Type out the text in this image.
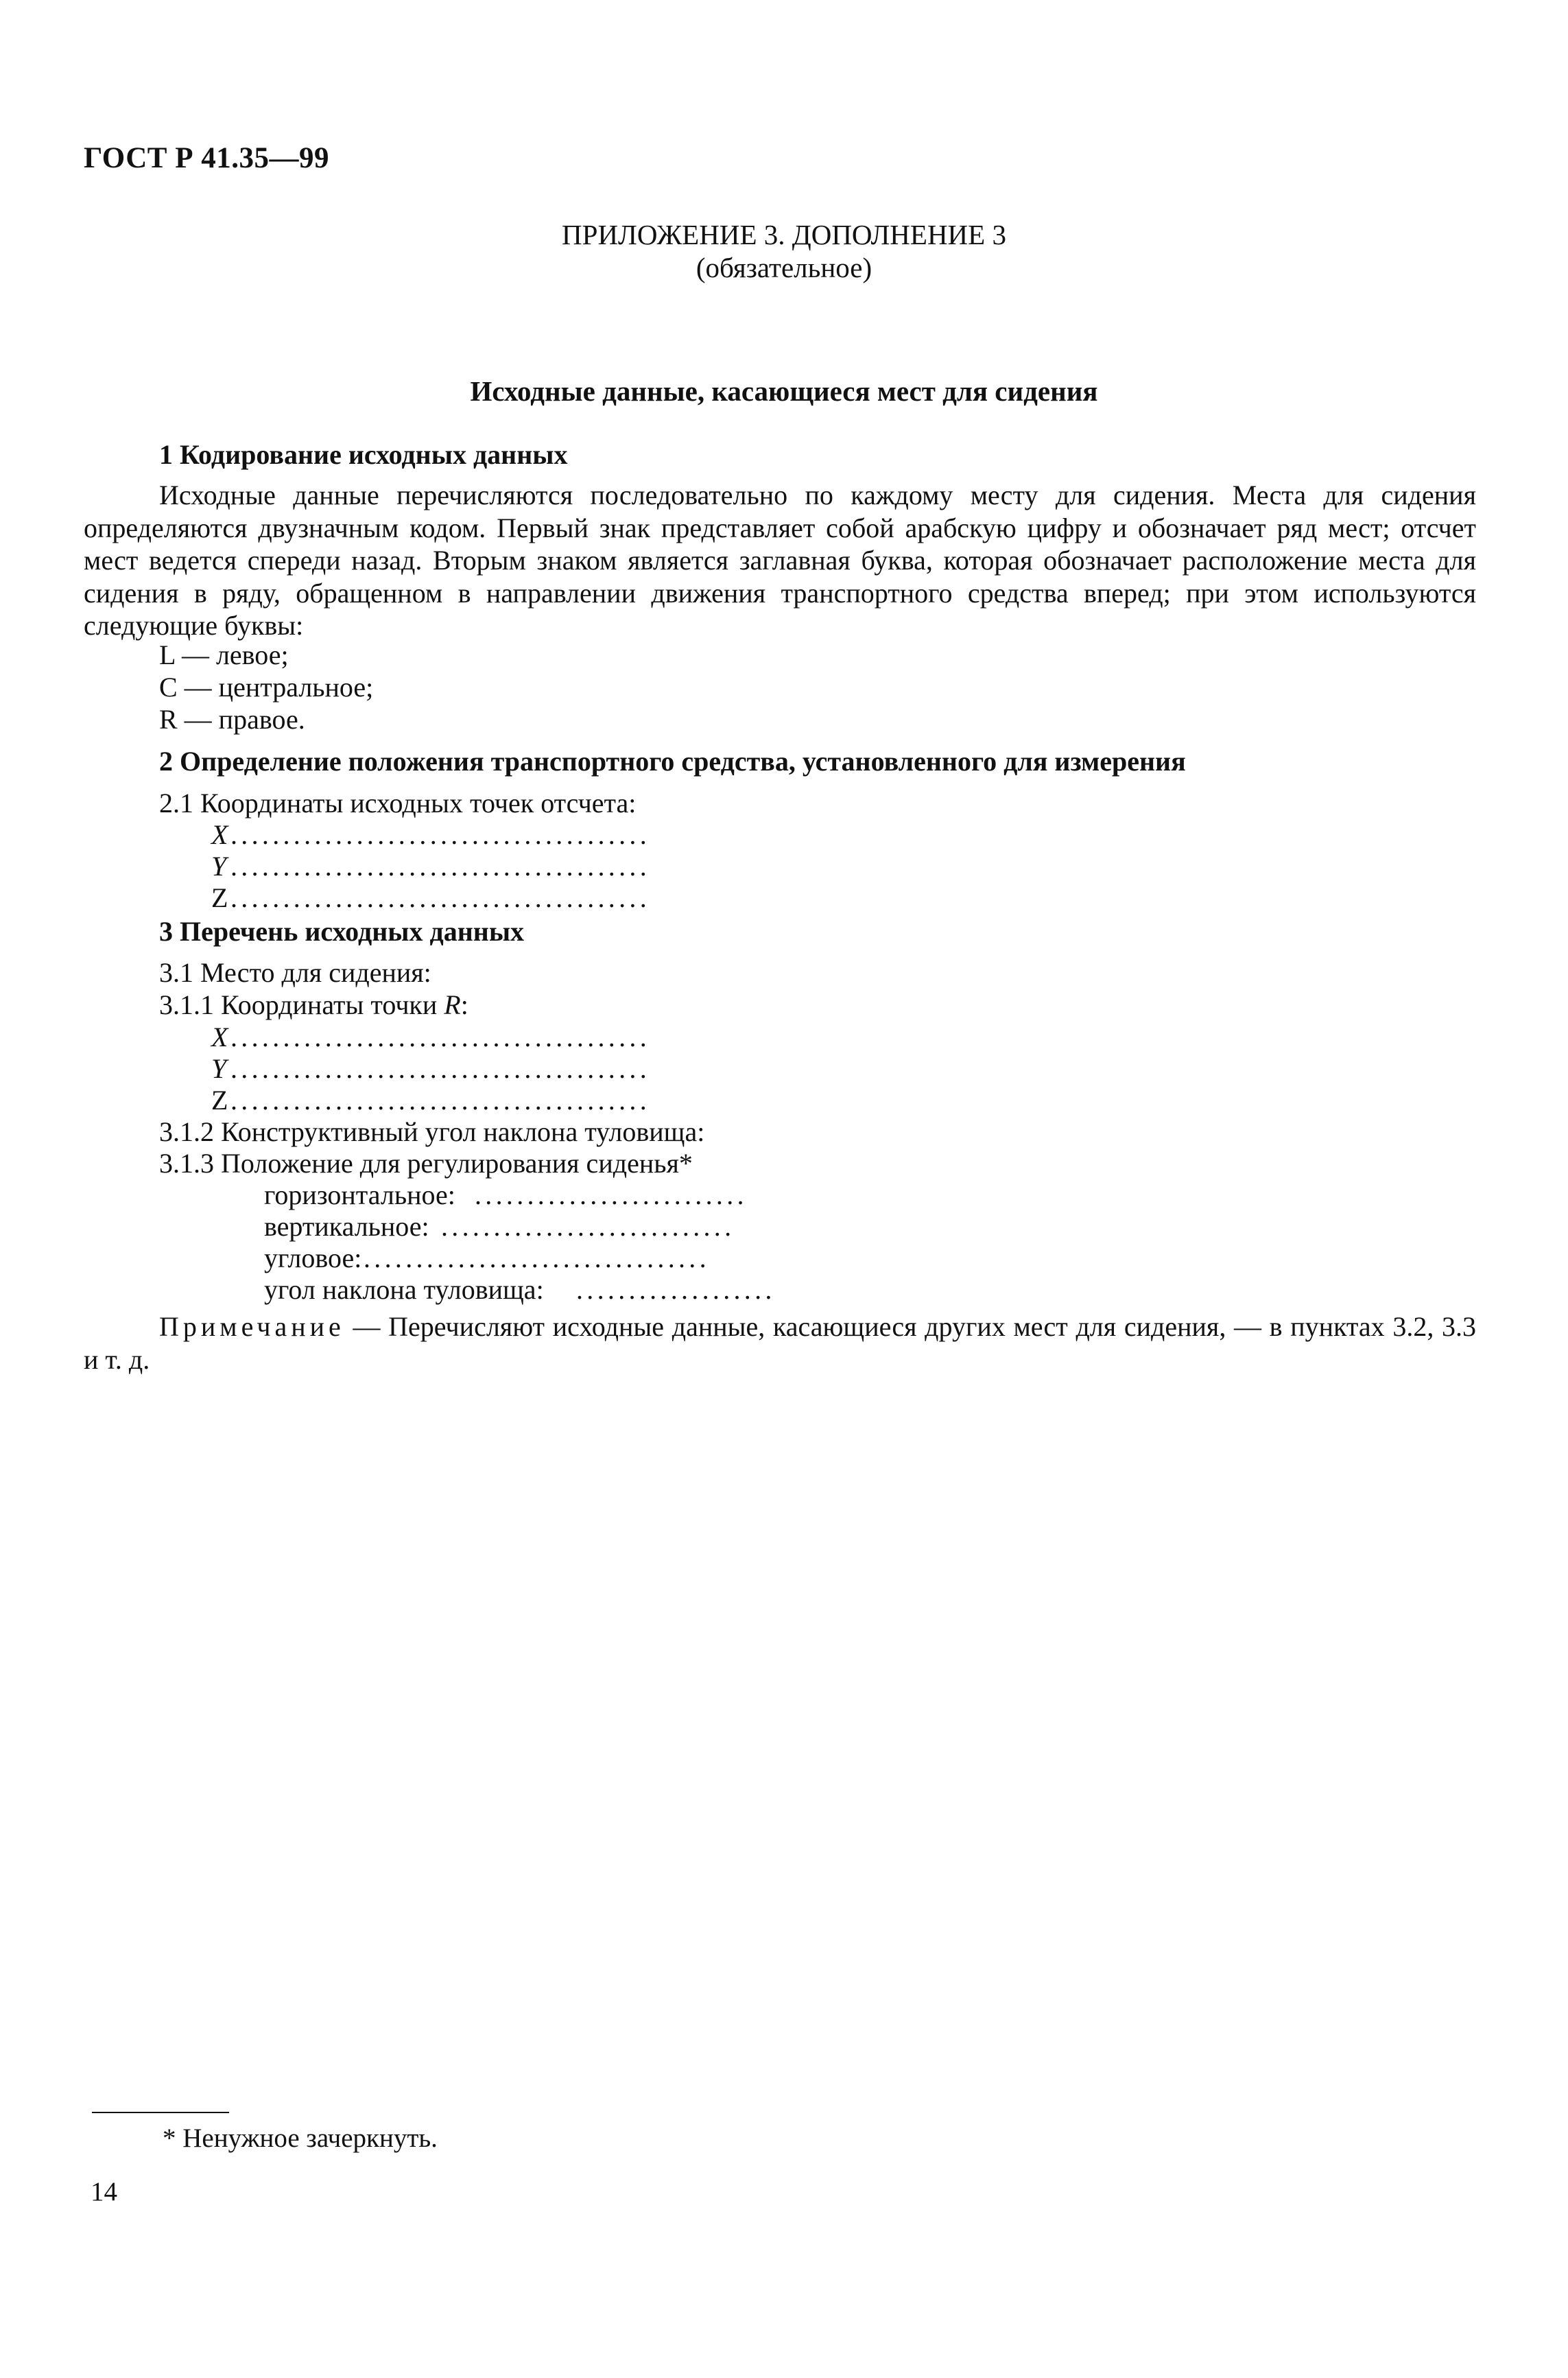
ГОСТ Р 41.35—99
ПРИЛОЖЕНИЕ 3. ДОПОЛНЕНИЕ 3
(обязательное)
Исходные данные, касающиеся мест для сидения
1 Кодирование исходных данных
Исходные данные перечисляются последовательно по каждому месту для сидения. Места для сидения определяются двузначным кодом. Первый знак представляет собой арабскую цифру и обозначает ряд мест; отсчет мест ведется спереди назад. Вторым знаком является заглавная буква, которая обозначает расположение места для сидения в ряду, обращенном в направлении движения транспортного средства вперед; при этом используются следующие буквы:
L — левое;
C — центральное;
R — правое.
2 Определение положения транспортного средства, установленного для измерения
2.1 Координаты исходных точек отсчета:
X ........................................
Y ........................................
Z ........................................
3 Перечень исходных данных
3.1 Место для сидения:
3.1.1 Координаты точки R:
X ........................................
Y ........................................
Z ........................................
3.1.2 Конструктивный угол наклона туловища:
3.1.3 Положение для регулирования сиденья*
горизонтальное: ..........................
вертикальное: ............................
угловое: .................................
угол наклона туловища: ...................
Примечание — Перечисляют исходные данные, касающиеся других мест для сидения, — в пунктах 3.2, 3.3 и т. д.
* Ненужное зачеркнуть.
14
